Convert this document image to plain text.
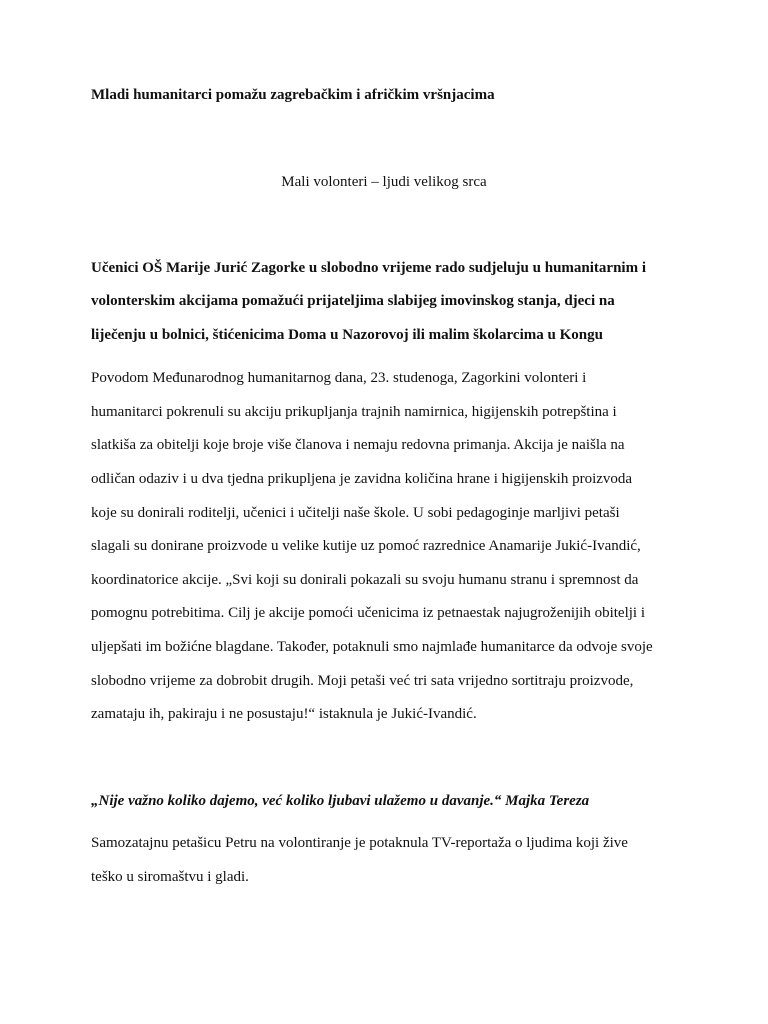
Mladi humanitarci pomažu zagrebačkim i afričkim vršnjacima
Mali volonteri – ljudi velikog srca
Učenici OŠ Marije Jurić Zagorke u slobodno vrijeme rado sudjeluju u humanitarnim i
volonterskim akcijama pomažući prijateljima slabijeg imovinskog stanja, djeci na
liječenju u bolnici, štićenicima Doma u Nazorovoj ili malim školarcima u Kongu
Povodom Međunarodnog humanitarnog dana, 23. studenoga, Zagorkini volonteri i
humanitarci pokrenuli su akciju prikupljanja trajnih namirnica, higijenskih potrepština i
slatkiša za obitelji koje broje više članova i nemaju redovna primanja. Akcija je naišla na
odličan odaziv i u dva tjedna prikupljena je zavidna količina hrane i higijenskih proizvoda
koje su donirali roditelji, učenici i učitelji naše škole. U sobi pedagoginje marljivi petaši
slagali su donirane proizvode u velike kutije uz pomoć razrednice Anamarije Jukić-Ivandić,
koordinatorice akcije. „Svi koji su donirali pokazali su svoju humanu stranu i spremnost da
pomognu potrebitima. Cilj je akcije pomoći učenicima iz petnaestak najugroženijih obitelji i
uljepšati im božićne blagdane. Također, potaknuli smo najmlađe humanitarce da odvoje svoje
slobodno vrijeme za dobrobit drugih. Moji petaši već tri sata vrijedno sortitraju proizvode,
zamataju ih, pakiraju i ne posustaju!“ istaknula je Jukić-Ivandić.
„Nije važno koliko dajemo, već koliko ljubavi ulažemo u davanje.“ Majka Tereza
Samozatajnu petašicu Petru na volontiranje je potaknula TV-reportaža o ljudima koji žive
teško u siromaštvu i gladi.
